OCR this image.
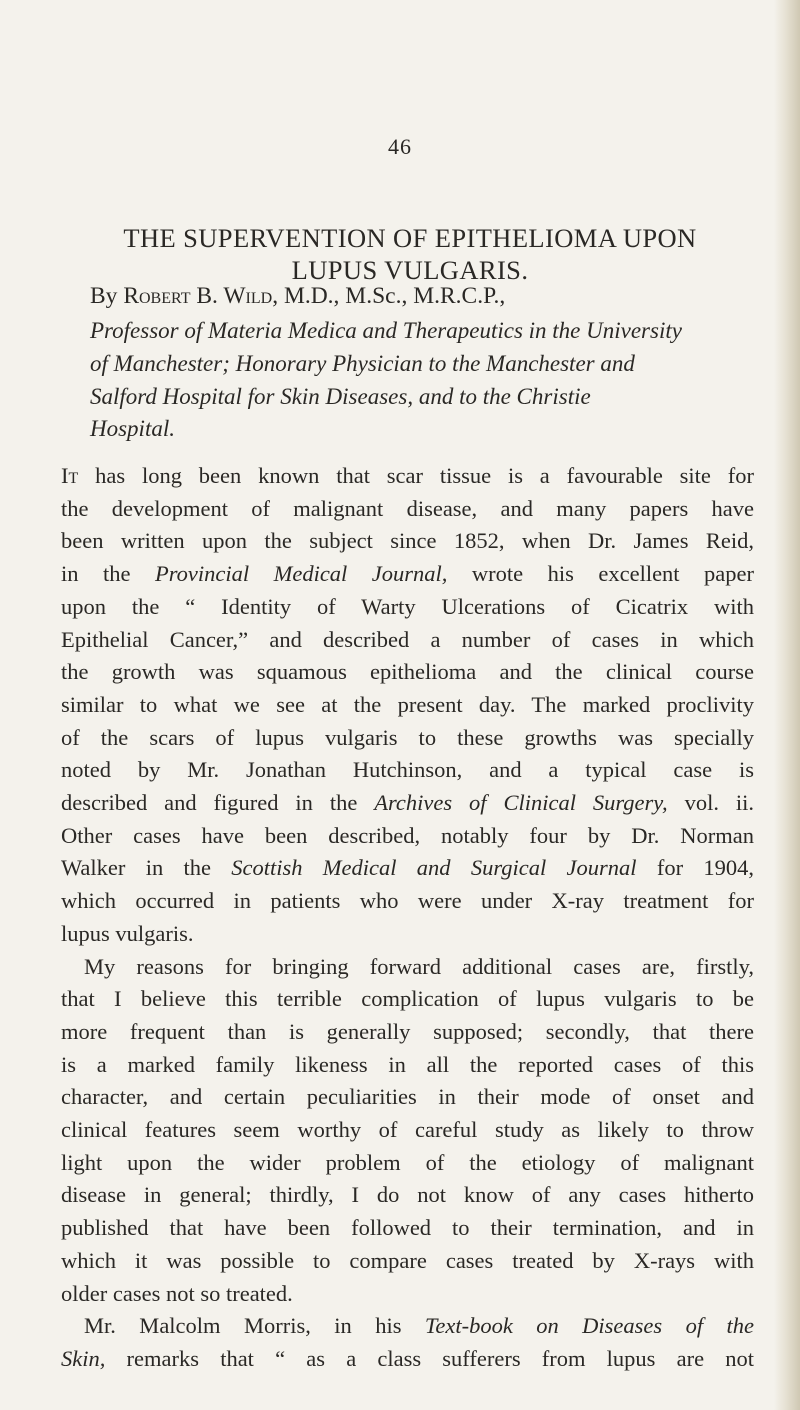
46
THE SUPERVENTION OF EPITHELIOMA UPON
LUPUS VULGARIS.
By Robert B. Wild, M.D., M.Sc., M.R.C.P.,
Professor of Materia Medica and Therapeutics in the University
of Manchester; Honorary Physician to the Manchester and
Salford Hospital for Skin Diseases, and to the Christie
Hospital.
It has long been known that scar tissue is a favourable site for
the development of malignant disease, and many papers have
been written upon the subject since 1852, when Dr. James Reid,
in the Provincial Medical Journal, wrote his excellent paper
upon the “ Identity of Warty Ulcerations of Cicatrix with
Epithelial Cancer,” and described a number of cases in which
the growth was squamous epithelioma and the clinical course
similar to what we see at the present day. The marked proclivity
of the scars of lupus vulgaris to these growths was specially
noted by Mr. Jonathan Hutchinson, and a typical case is
described and figured in the Archives of Clinical Surgery, vol. ii.
Other cases have been described, notably four by Dr. Norman
Walker in the Scottish Medical and Surgical Journal for 1904,
which occurred in patients who were under X-ray treatment for
lupus vulgaris.
My reasons for bringing forward additional cases are, firstly,
that I believe this terrible complication of lupus vulgaris to be
more frequent than is generally supposed; secondly, that there
is a marked family likeness in all the reported cases of this
character, and certain peculiarities in their mode of onset and
clinical features seem worthy of careful study as likely to throw
light upon the wider problem of the etiology of malignant
disease in general; thirdly, I do not know of any cases hitherto
published that have been followed to their termination, and in
which it was possible to compare cases treated by X-rays with
older cases not so treated.
Mr. Malcolm Morris, in his Text-book on Diseases of the
Skin, remarks that “ as a class sufferers from lupus are not
